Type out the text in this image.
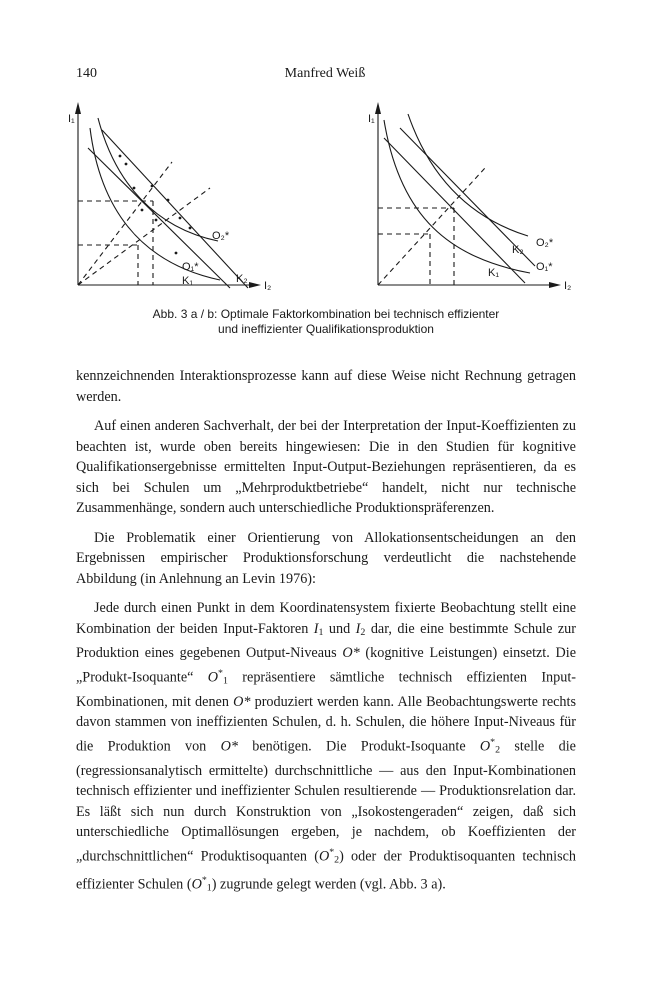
140	Manfred Weiß
I₁
I₂
O₂*
O₁*
K₁	K₂
I₁
I₂
O₂*
O₁*
K₁
K₂
Abb. 3 a / b: Optimale Faktorkombination bei technisch effizienter
und ineffizienter Qualifikationsproduktion

kennzeichnenden Interaktionsprozesse kann auf diese Weise nicht Rechnung getragen werden.

Auf einen anderen Sachverhalt, der bei der Interpretation der Input-Koeffizienten zu beachten ist, wurde oben bereits hingewiesen: Die in den Studien für kognitive Qualifikationsergebnisse ermittelten Input-Output-Beziehungen repräsentieren, da es sich bei Schulen um „Mehrproduktbetriebe“ handelt, nicht nur technische Zusammenhänge, sondern auch unterschiedliche Produktionspräferenzen.

Die Problematik einer Orientierung von Allokationsentscheidungen an den Ergebnissen empirischer Produktionsforschung verdeutlicht die nachstehende Abbildung (in Anlehnung an Levin 1976):

Jede durch einen Punkt in dem Koordinatensystem fixierte Beobachtung stellt eine Kombination der beiden Input-Faktoren $I_1$ und $I_2$ dar, die eine bestimmte Schule zur Produktion eines gegebenen Output-Niveaus O* (kognitive Leistungen) einsetzt. Die „Produkt-Isoquante“ $O^*_1$ repräsentiere sämtliche technisch effizienten Input-Kombinationen, mit denen O* produziert werden kann. Alle Beobachtungswerte rechts davon stammen von ineffizienten Schulen, d. h. Schulen, die höhere Input-Niveaus für die Produktion von O* benötigen. Die Produkt-Isoquante $O^*_2$ stelle die (regressionsanalytisch ermittelte) durchschnittliche — aus den Input-Kombinationen technisch effizienter und ineffizienter Schulen resultierende — Produktionsrelation dar. Es läßt sich nun durch Konstruktion von „Isokostengeraden“ zeigen, daß sich unterschiedliche Optimallösungen ergeben, je nachdem, ob Koeffizienten der „durchschnittlichen“ Produktisoquanten $(O^*_2)$ oder der Produktisoquanten technisch effizienter Schulen $(O^*_1)$ zugrunde gelegt werden (vgl. Abb. 3 a).
